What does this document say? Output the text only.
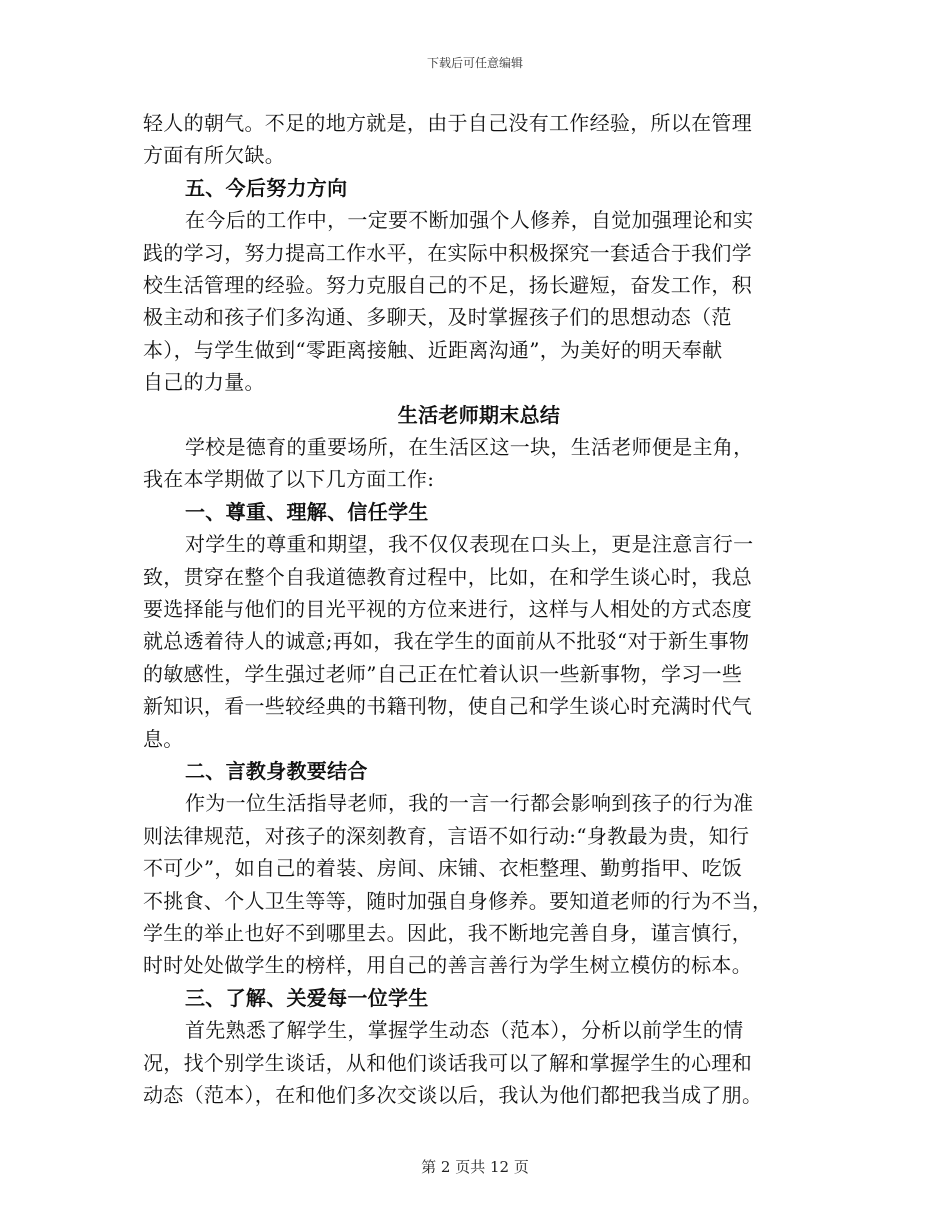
下载后可任意编辑
轻人的朝气。不足的地方就是，由于自己没有工作经验，所以在管理
方面有所欠缺。
五、今后努力方向
在今后的工作中，一定要不断加强个人修养，自觉加强理论和实
践的学习，努力提高工作水平，在实际中积极探究一套适合于我们学
校生活管理的经验。努力克服自己的不足，扬长避短，奋发工作，积
极主动和孩子们多沟通、多聊天，及时掌握孩子们的思想动态（范
本），与学生做到“零距离接触、近距离沟通”，为美好的明天奉献
自己的力量。
生活老师期末总结
学校是德育的重要场所，在生活区这一块，生活老师便是主角，
我在本学期做了以下几方面工作:
一、尊重、理解、信任学生
对学生的尊重和期望，我不仅仅表现在口头上，更是注意言行一
致，贯穿在整个自我道德教育过程中，比如，在和学生谈心时，我总
要选择能与他们的目光平视的方位来进行，这样与人相处的方式态度
就总透着待人的诚意;再如，我在学生的面前从不批驳“对于新生事物
的敏感性，学生强过老师”自己正在忙着认识一些新事物，学习一些
新知识，看一些较经典的书籍刊物，使自己和学生谈心时充满时代气
息。
二、言教身教要结合
作为一位生活指导老师，我的一言一行都会影响到孩子的行为准
则法律规范，对孩子的深刻教育，言语不如行动:“身教最为贵，知行
不可少”，如自己的着装、房间、床铺、衣柜整理、勤剪指甲、吃饭
不挑食、个人卫生等等，随时加强自身修养。要知道老师的行为不当，
学生的举止也好不到哪里去。因此，我不断地完善自身，谨言慎行，
时时处处做学生的榜样，用自己的善言善行为学生树立模仿的标本。
三、了解、关爱每一位学生
首先熟悉了解学生，掌握学生动态（范本），分析以前学生的情
况，找个别学生谈话，从和他们谈话我可以了解和掌握学生的心理和
动态（范本），在和他们多次交谈以后，我认为他们都把我当成了朋。
第 2 页共 12 页
